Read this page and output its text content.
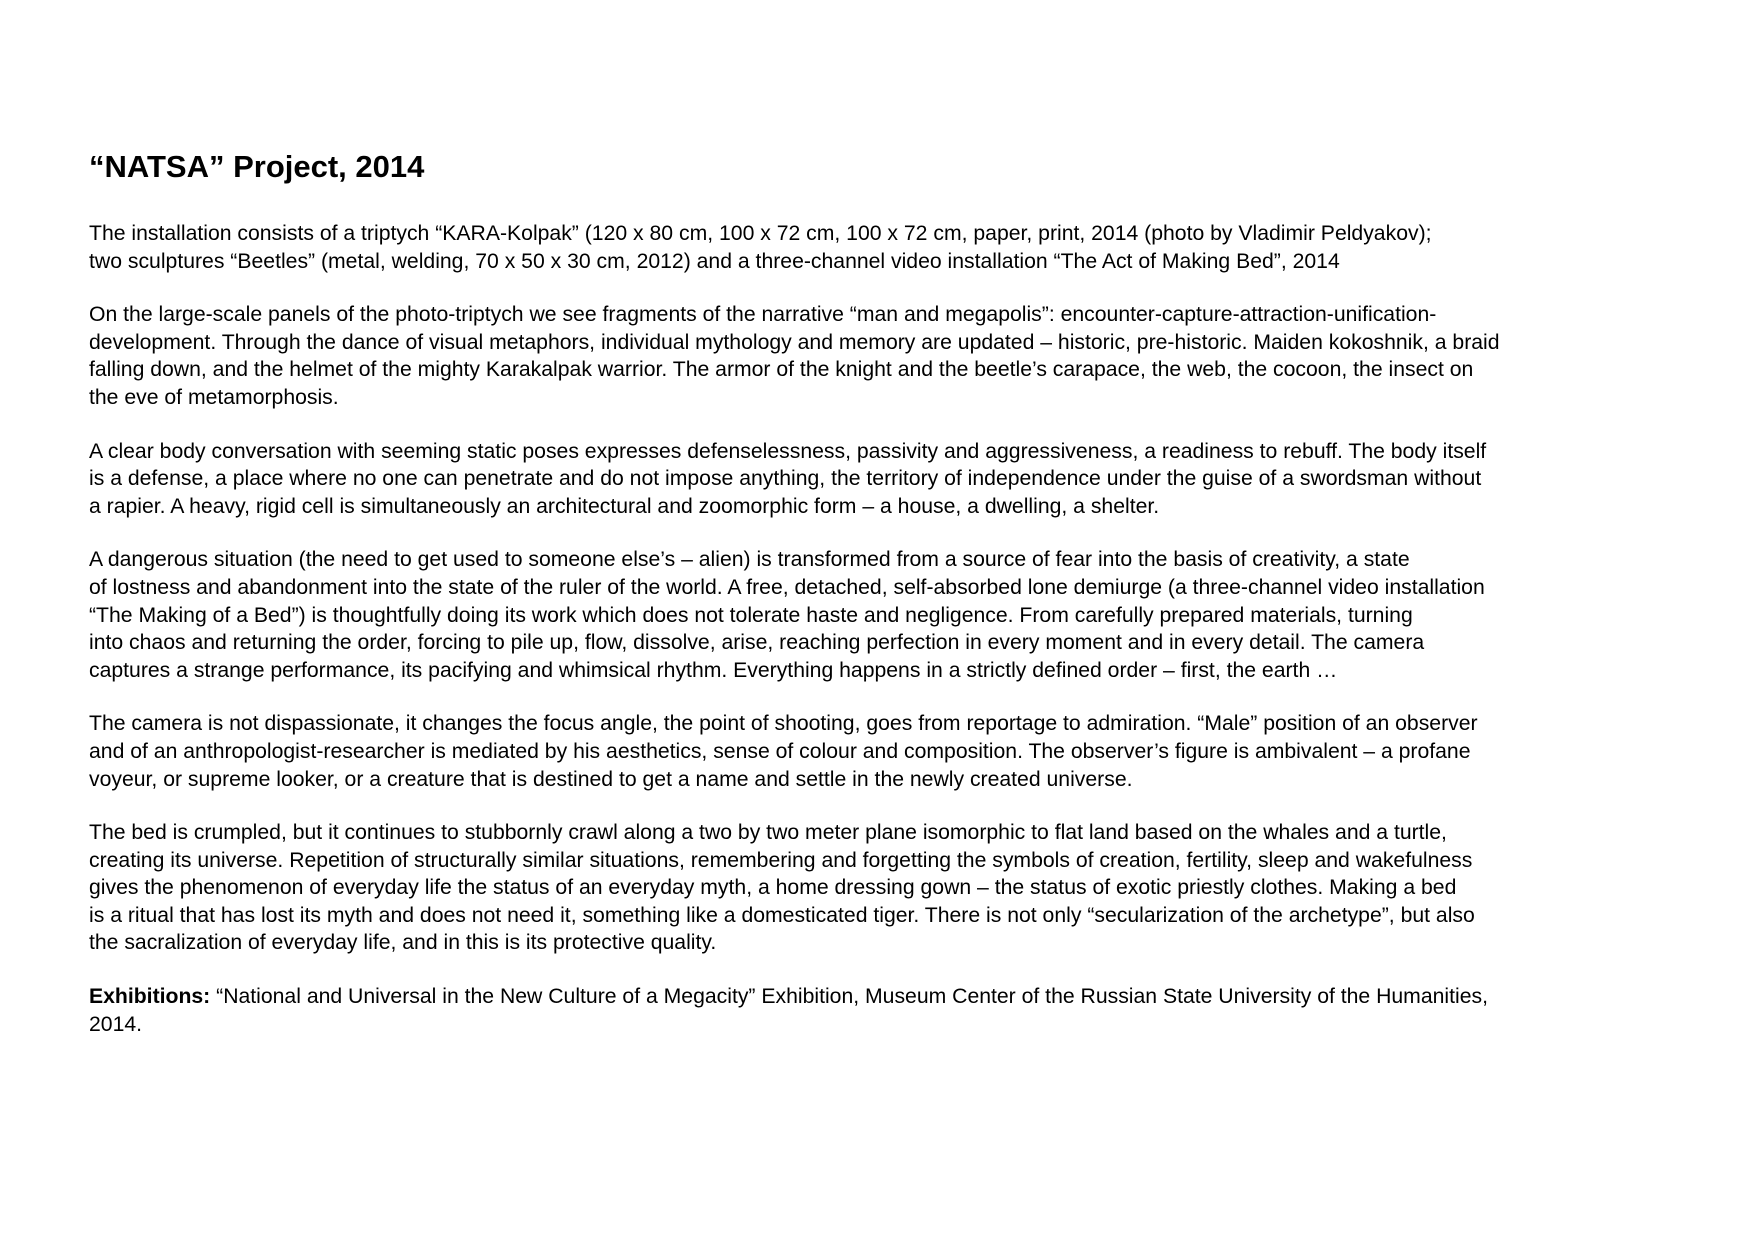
“NATSA” Project, 2014

The installation consists of a triptych “KARA-Kolpak” (120 x 80 cm, 100 x 72 cm, 100 x 72 cm, paper, print, 2014 (photo by Vladimir Peldyakov);
two sculptures “Beetles” (metal, welding, 70 x 50 x 30 cm, 2012) and a three-channel video installation “The Act of Making Bed”, 2014

On the large-scale panels of the photo-triptych we see fragments of the narrative “man and megapolis”: encounter-capture-attraction-unification-
development. Through the dance of visual metaphors, individual mythology and memory are updated – historic, pre-historic. Maiden kokoshnik, a braid
falling down, and the helmet of the mighty Karakalpak warrior. The armor of the knight and the beetle’s carapace, the web, the cocoon, the insect on
the eve of metamorphosis.

A clear body conversation with seeming static poses expresses defenselessness, passivity and aggressiveness, a readiness to rebuff. The body itself
is a defense, a place where no one can penetrate and do not impose anything, the territory of independence under the guise of a swordsman without
a rapier. A heavy, rigid cell is simultaneously an architectural and zoomorphic form – a house, a dwelling, a shelter.

A dangerous situation (the need to get used to someone else’s – alien) is transformed from a source of fear into the basis of creativity, a state
of lostness and abandonment into the state of the ruler of the world. A free, detached, self-absorbed lone demiurge (a three-channel video installation
“The Making of a Bed”) is thoughtfully doing its work which does not tolerate haste and negligence. From carefully prepared materials, turning
into chaos and returning the order, forcing to pile up, flow, dissolve, arise, reaching perfection in every moment and in every detail. The camera
captures a strange performance, its pacifying and whimsical rhythm. Everything happens in a strictly defined order – first, the earth …

The camera is not dispassionate, it changes the focus angle, the point of shooting, goes from reportage to admiration. “Male” position of an observer
and of an anthropologist-researcher is mediated by his aesthetics, sense of colour and composition. The observer’s figure is ambivalent – a profane
voyeur, or supreme looker, or a creature that is destined to get a name and settle in the newly created universe.

The bed is crumpled, but it continues to stubbornly crawl along a two by two meter plane isomorphic to flat land based on the whales and a turtle,
creating its universe. Repetition of structurally similar situations, remembering and forgetting the symbols of creation, fertility, sleep and wakefulness
gives the phenomenon of everyday life the status of an everyday myth, a home dressing gown – the status of exotic priestly clothes. Making a bed
is a ritual that has lost its myth and does not need it, something like a domesticated tiger. There is not only “secularization of the archetype”, but also
the sacralization of everyday life, and in this is its protective quality.

Exhibitions: “National and Universal in the New Culture of a Megacity” Exhibition, Museum Center of the Russian State University of the Humanities,
2014.
